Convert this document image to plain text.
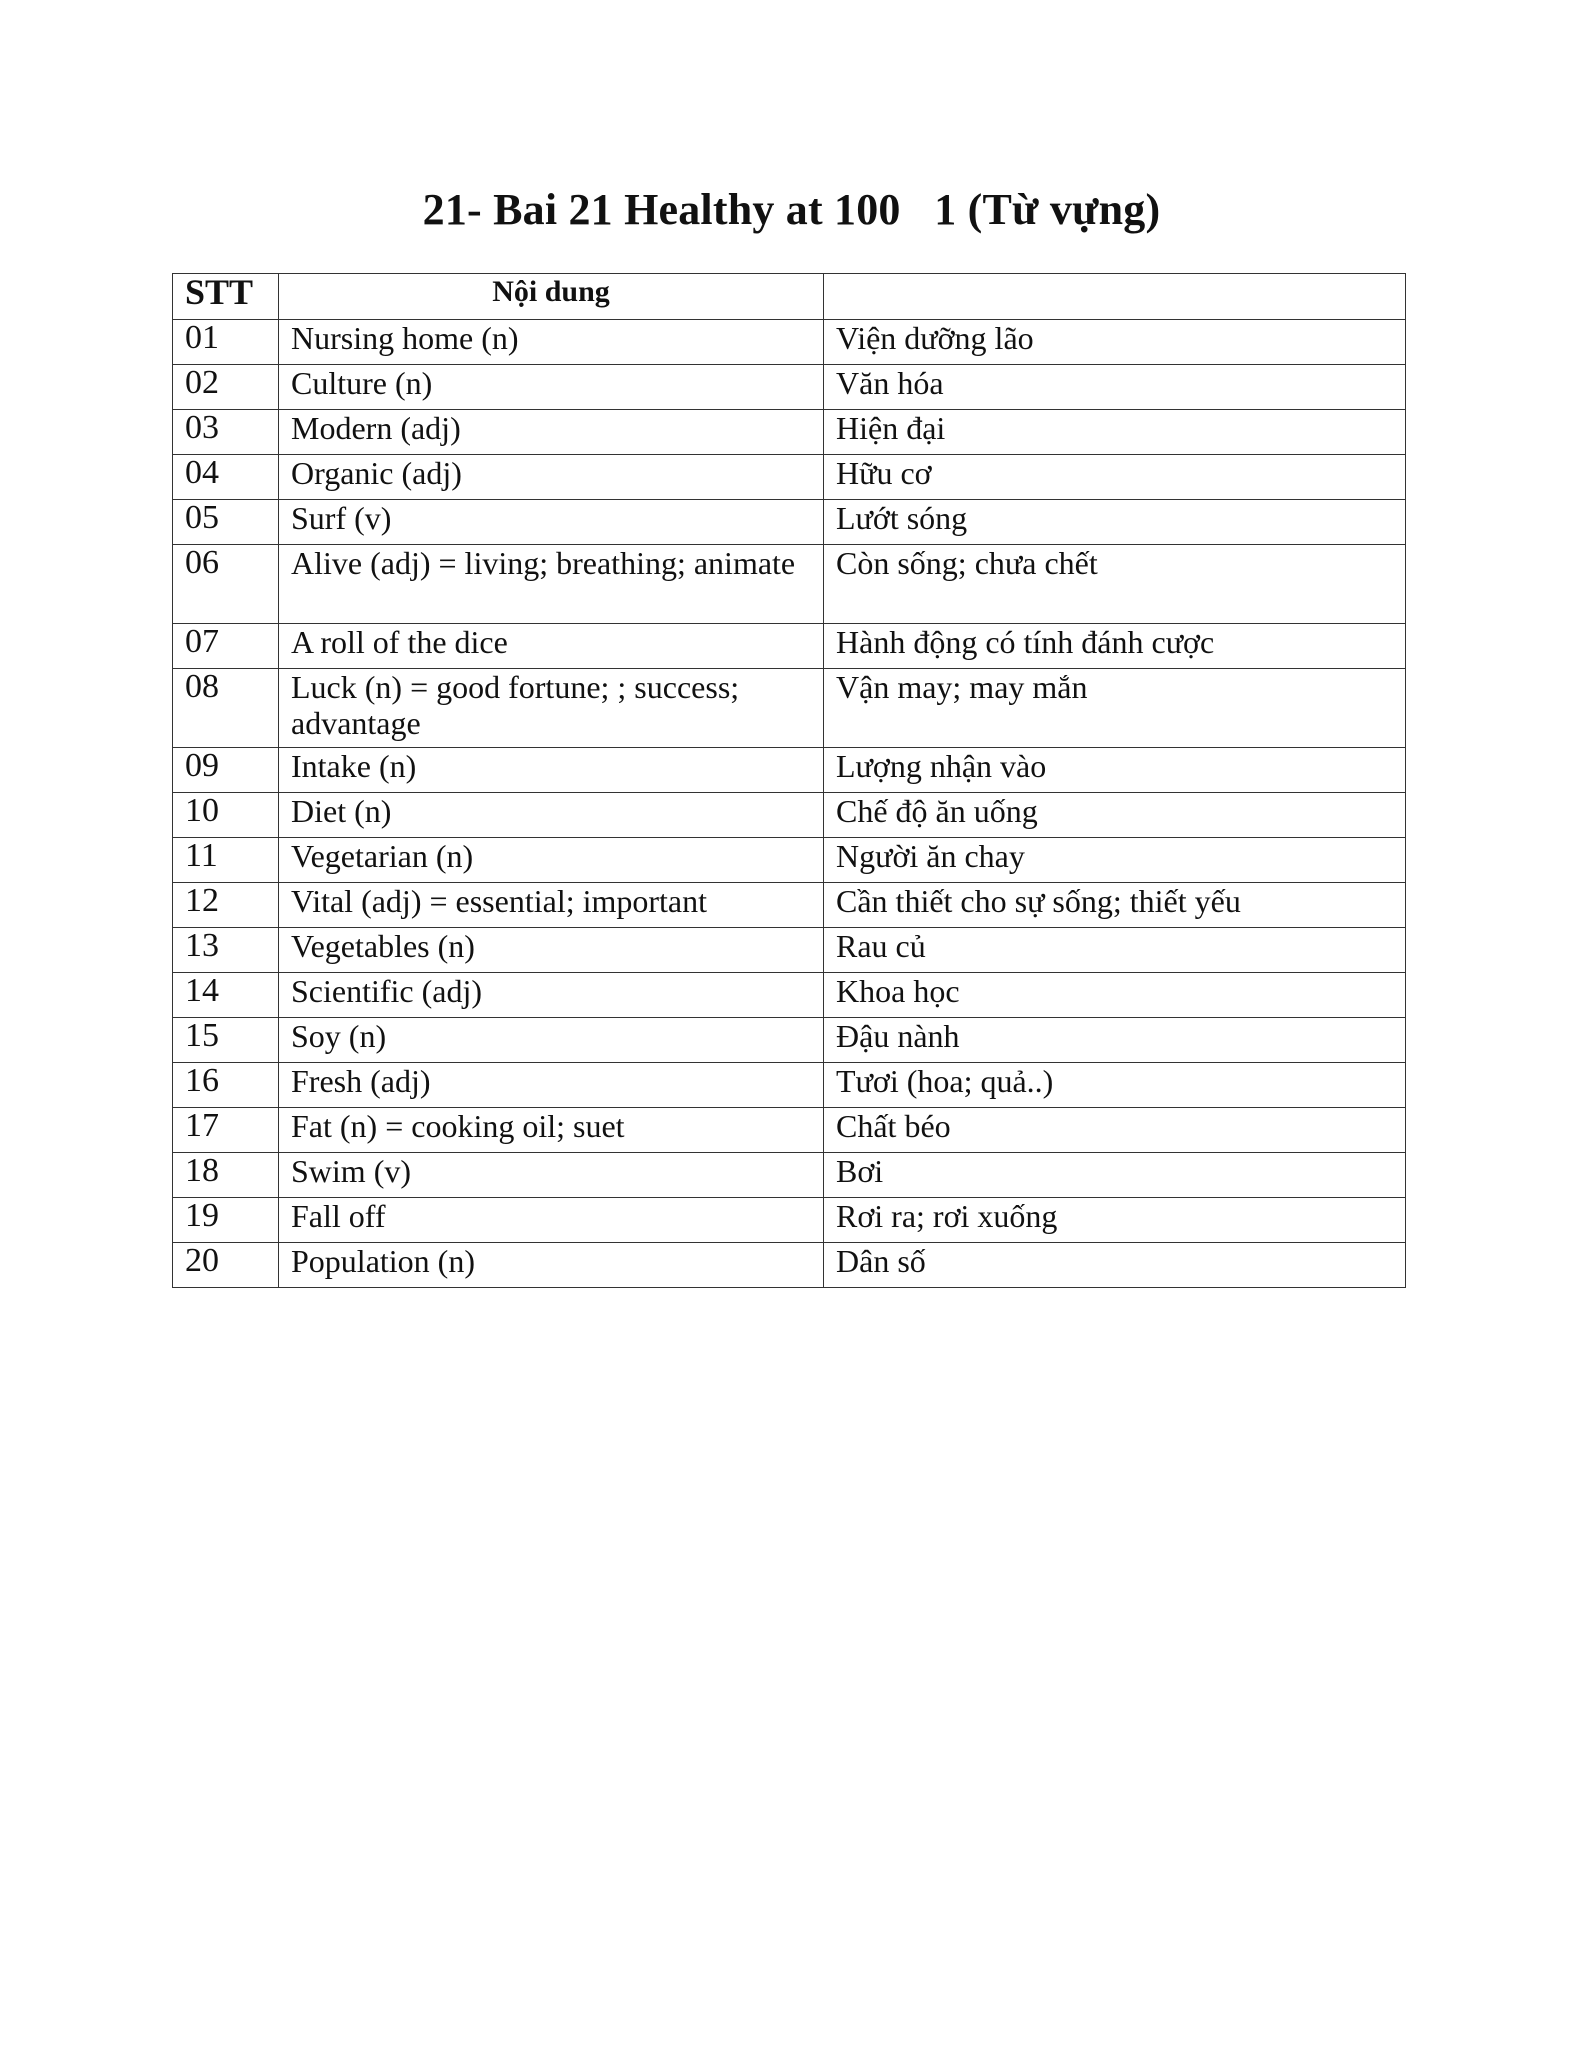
21- Bai 21 Healthy at 100   1 (Từ vựng)
STT	Nội dung	
01	Nursing home (n)	Viện dưỡng lão
02	Culture (n)	Văn hóa
03	Modern (adj)	Hiện đại
04	Organic (adj)	Hữu cơ
05	Surf (v)	Lướt sóng
06	Alive (adj) = living; breathing; animate	Còn sống; chưa chết
07	A roll of the dice	Hành động có tính đánh cược
08	Luck (n) = good fortune; ; success; advantage	Vận may; may mắn
09	Intake (n)	Lượng nhận vào
10	Diet (n)	Chế độ ăn uống
11	Vegetarian (n)	Người ăn chay
12	Vital (adj) = essential; important	Cần thiết cho sự sống; thiết yếu
13	Vegetables (n)	Rau củ
14	Scientific (adj)	Khoa học
15	Soy (n)	Đậu nành
16	Fresh (adj)	Tươi (hoa; quả..)
17	Fat (n) = cooking oil; suet	Chất béo
18	Swim (v)	Bơi
19	Fall off	Rơi ra; rơi xuống
20	Population (n)	Dân số
